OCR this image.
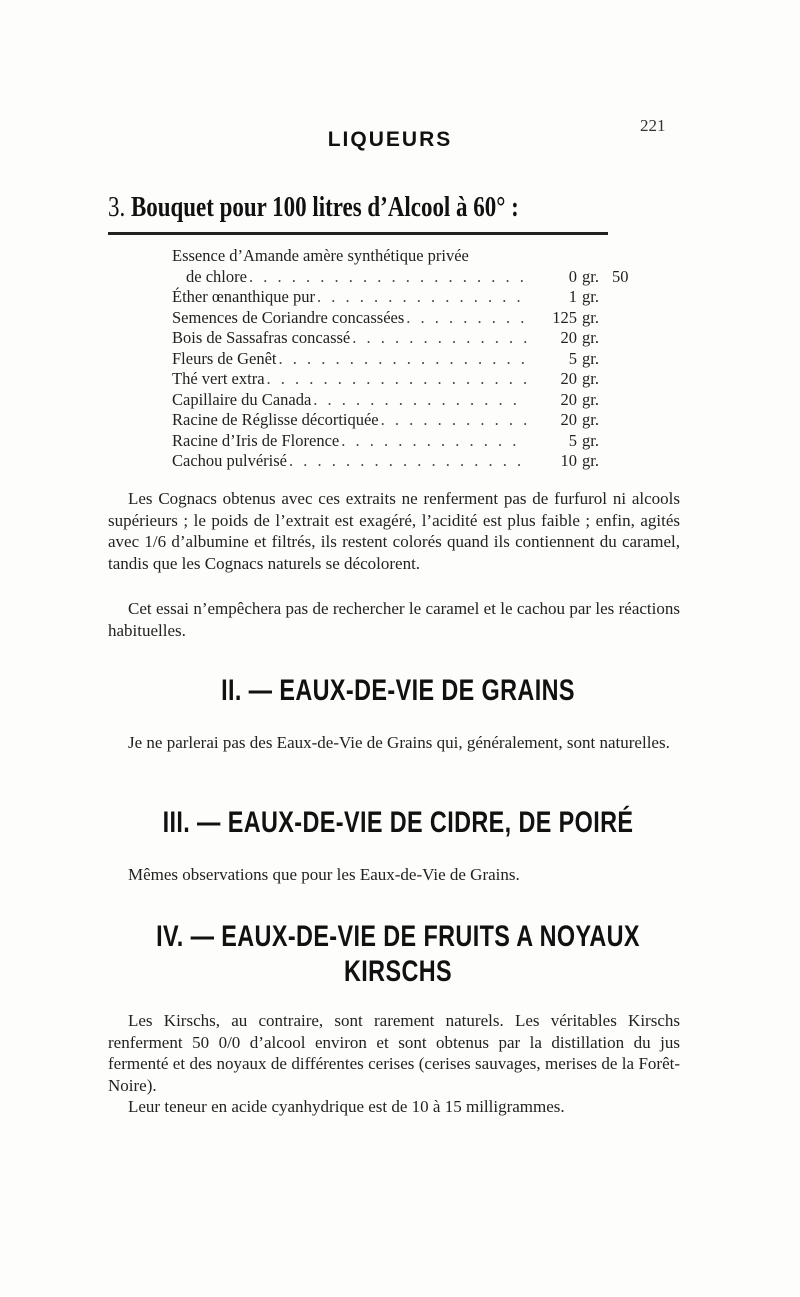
221
LIQUEURS
3. Bouquet pour 100 litres d’Alcool à 60° :
Essence d’Amande amère synthétique privée
de chlore . . .	0 gr. 50
Éther œnanthique pur . . .	1 gr.
Semences de Coriandre concassées . . .	125 gr.
Bois de Sassafras concassé . . .	20 gr.
Fleurs de Genêt . . .	5 gr.
Thé vert extra . . .	20 gr.
Capillaire du Canada . . .	20 gr.
Racine de Réglisse décortiquée . . .	20 gr.
Racine d’Iris de Florence . . .	5 gr.
Cachou pulvérisé . . .	10 gr.

Les Cognacs obtenus avec ces extraits ne renferment pas de furfurol ni alcools supérieurs ; le poids de l’extrait est exagéré, l’acidité est plus faible ; enfin, agités avec 1/6 d’albumine et filtrés, ils restent colorés quand ils contiennent du caramel, tandis que les Cognacs naturels se décolorent.

Cet essai n’empêchera pas de rechercher le caramel et le cachou par les réactions habituelles.

II. — EAUX-DE-VIE DE GRAINS

Je ne parlerai pas des Eaux-de-Vie de Grains qui, généralement, sont naturelles.

III. — EAUX-DE-VIE DE CIDRE, DE POIRÉ

Mêmes observations que pour les Eaux-de-Vie de Grains.

IV. — EAUX-DE-VIE DE FRUITS A NOYAUX
KIRSCHS

Les Kirschs, au contraire, sont rarement naturels. Les véritables Kirschs renferment 50 0/0 d’alcool environ et sont obtenus par la distillation du jus fermenté et des noyaux de différentes cerises (cerises sauvages, merises de la Forêt-Noire).

Leur teneur en acide cyanhydrique est de 10 à 15 milligrammes.
